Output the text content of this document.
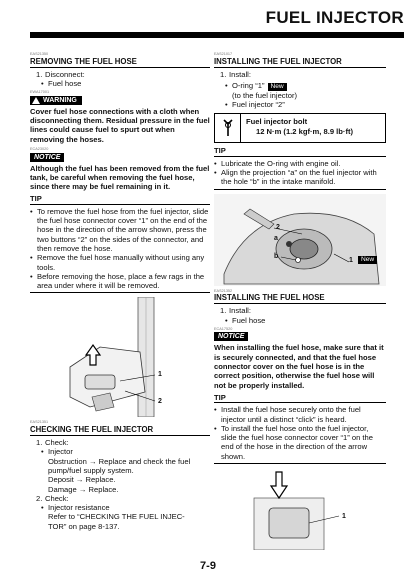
FUEL INJECTOR
EAS21350
REMOVING THE FUEL HOSE
1. Disconnect:
• Fuel hose
EWA17001
WARNING
Cover fuel hose connections with a cloth when disconnecting them. Residual pressure in the fuel lines could cause fuel to spurt out when removing the hoses.
ECA23020
NOTICE
Although the fuel has been removed from the fuel tank, be careful when removing the fuel hose, since there may be fuel remaining in it.
TIP
• To remove the fuel hose from the fuel injector, slide the fuel hose connector cover “1” on the end of the hose in the direction of the arrow shown, press the two buttons “2” on the sides of the connector, and then remove the hose.
• Remove the fuel hose manually without using any tools.
• Before removing the hose, place a few rags in the area under where it will be removed.
1
2
EAS21351
CHECKING THE FUEL INJECTOR
1. Check:
• Injector
Obstruction → Replace and check the fuel
pump/fuel supply system.
Deposit → Replace.
Damage → Replace.
2. Check:
• Injector resistance
Refer to “CHECKING THE FUEL INJEC-
TOR” on page 8-137.
EAS21017
INSTALLING THE FUEL INJECTOR
1. Install:
• O-ring “1” New
(to the fuel injector)
• Fuel injector “2”
Fuel injector bolt
12 N·m (1.2 kgf·m, 8.9 lb·ft)
TIP
• Lubricate the O-ring with engine oil.
• Align the projection “a” on the fuel injector with the hole “b” in the intake manifold.
2
a
b
1	New
EAS21352
INSTALLING THE FUEL HOSE
1. Install:
• Fuel hose
ECA17520
NOTICE
When installing the fuel hose, make sure that it is securely connected, and that the fuel hose connector cover on the fuel hose is in the correct position, otherwise the fuel hose will not be properly installed.
TIP
• Install the fuel hose securely onto the fuel injector until a distinct “click” is heard.
• To install the fuel hose onto the fuel injector, slide the fuel hose connector cover “1” on the end of the hose in the direction of the arrow shown.
1
7-9
